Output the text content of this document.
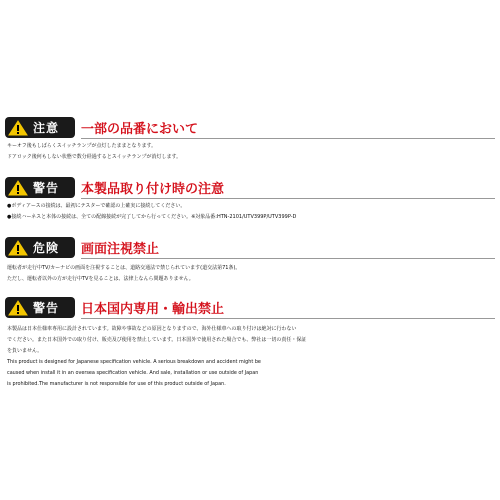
注意 一部の品番において
キーオフ後もしばらくスイッチランプが点灯したままとなります。
ドアロック後何もしない状態で数分経過するとスイッチランプが消灯します。
警告 本製品取り付け時の注意
●ボディアースの接続は、最初にテスターで確認の上確実に接続してください。
●接続ハーネスと本体の接続は、全ての配線接続が完了してから行ってください。※対象品番:HTN-2101/UTV399P/UTV399P-D
危険 画面注視禁止
運転者が走行中TV/カーナビの画面を注視することは、道路交通法で禁じられています(道交法第71条)。
ただし、運転者以外の方が走行中TVを見ることは、法律上なんら問題ありません。
警告 日本国内専用・輸出禁止
本製品は日本仕様車専用に設計されています。故障や事故などの原因となりますので、海外仕様車への取り付けは絶対に行わない
でください。また日本国外での取り付け、販売及び使用を禁止しています。日本国外で使用された場合でも、弊社は一切の責任・保証
を負いません。
This product is designed for Japanese specification vehicle. A serious breakdown and accident might be
caused when install it in an oversea specification vehicle. And sale, installation or use outside of Japan
is prohibited.The manufacturer is not responsible for use of this product outside of Japan.
